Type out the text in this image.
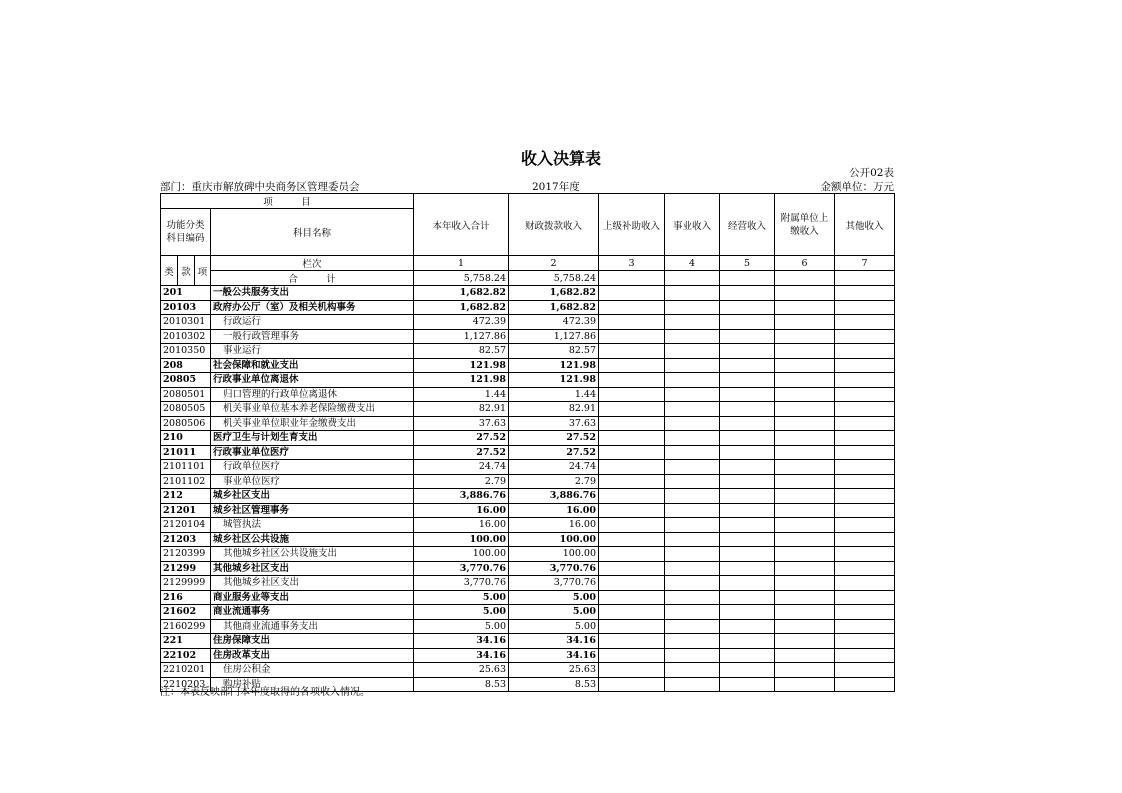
收入决算表
公开02表
部门：重庆市解放碑中央商务区管理委员会	2017年度	金额单位：万元
项　　　目				本年收入合计	财政拨款收入	上级补助收入	事业收入	经营收入	附属单位上缴收入	其他收入
功能分类科目编码			科目名称							
类	款	项	栏次	1	2	3	4	5	6	7
			合　　　计	5,758.24	5,758.24					
201			一般公共服务支出	1,682.82	1,682.82					
20103			政府办公厅（室）及相关机构事务	1,682.82	1,682.82					
2010301			行政运行	472.39	472.39					
2010302			一般行政管理事务	1,127.86	1,127.86					
2010350			事业运行	82.57	82.57					
208			社会保障和就业支出	121.98	121.98					
20805			行政事业单位离退休	121.98	121.98					
2080501			归口管理的行政单位离退休	1.44	1.44					
2080505			机关事业单位基本养老保险缴费支出	82.91	82.91					
2080506			机关事业单位职业年金缴费支出	37.63	37.63					
210			医疗卫生与计划生育支出	27.52	27.52					
21011			行政事业单位医疗	27.52	27.52					
2101101			行政单位医疗	24.74	24.74					
2101102			事业单位医疗	2.79	2.79					
212			城乡社区支出	3,886.76	3,886.76					
21201			城乡社区管理事务	16.00	16.00					
2120104			城管执法	16.00	16.00					
21203			城乡社区公共设施	100.00	100.00					
2120399			其他城乡社区公共设施支出	100.00	100.00					
21299			其他城乡社区支出	3,770.76	3,770.76					
2129999			其他城乡社区支出	3,770.76	3,770.76					
216			商业服务业等支出	5.00	5.00					
21602			商业流通事务	5.00	5.00					
2160299			其他商业流通事务支出	5.00	5.00					
221			住房保障支出	34.16	34.16					
22102			住房改革支出	34.16	34.16					
2210201			住房公积金	25.63	25.63					
2210203			购房补贴	8.53	8.53					
注：本表反映部门本年度取得的各项收入情况。
